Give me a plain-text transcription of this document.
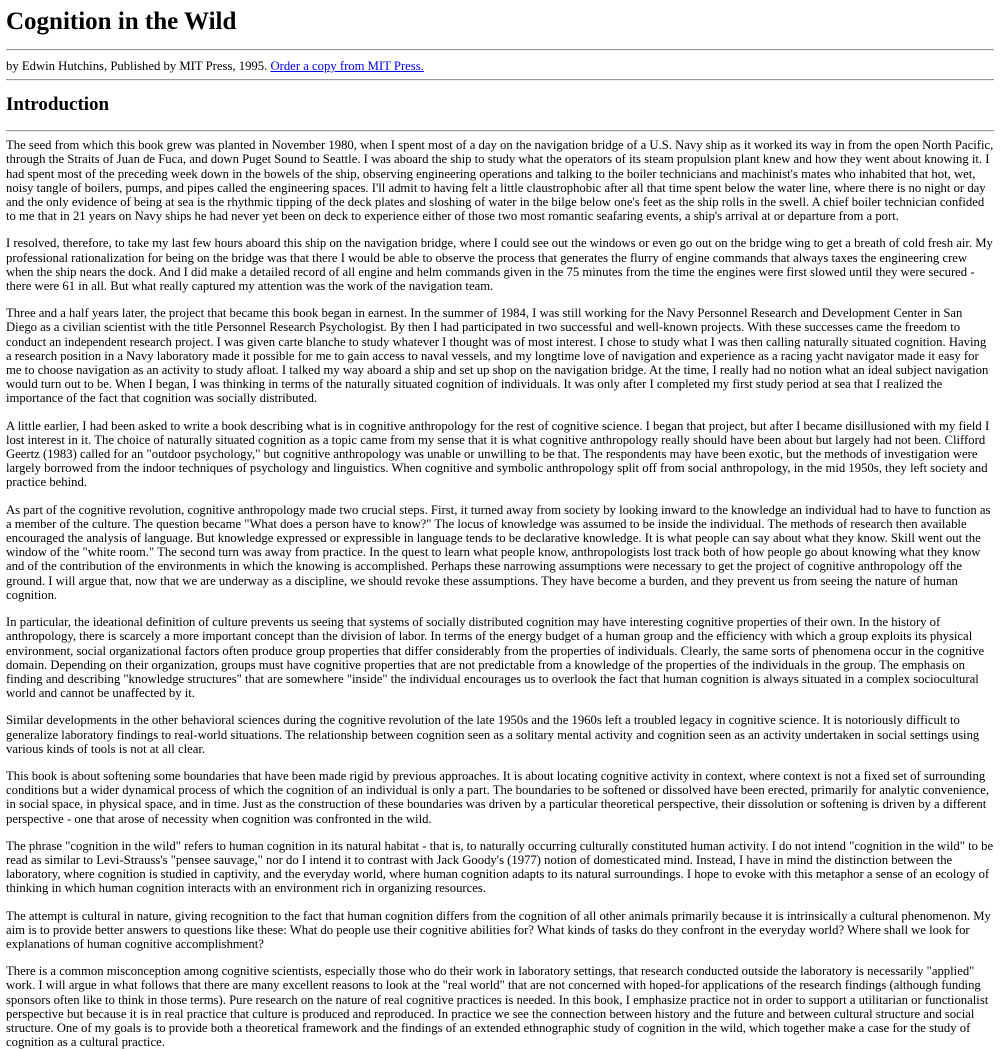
Cognition in the Wild
by Edwin Hutchins, Published by MIT Press, 1995. Order a copy from MIT Press.
Introduction

The seed from which this book grew was planted in November 1980, when I spent most of a day on the navigation bridge of a U.S. Navy ship as it worked its way in from the open North Pacific, through the Straits of Juan de Fuca, and down Puget Sound to Seattle. I was aboard the ship to study what the operators of its steam propulsion plant knew and how they went about knowing it. I had spent most of the preceding week down in the bowels of the ship, observing engineering operations and talking to the boiler technicians and machinist's mates who inhabited that hot, wet, noisy tangle of boilers, pumps, and pipes called the engineering spaces. I'll admit to having felt a little claustrophobic after all that time spent below the water line, where there is no night or day and the only evidence of being at sea is the rhythmic tipping of the deck plates and sloshing of water in the bilge below one's feet as the ship rolls in the swell. A chief boiler technician confided to me that in 21 years on Navy ships he had never yet been on deck to experience either of those two most romantic seafaring events, a ship's arrival at or departure from a port.

I resolved, therefore, to take my last few hours aboard this ship on the navigation bridge, where I could see out the windows or even go out on the bridge wing to get a breath of cold fresh air. My professional rationalization for being on the bridge was that there I would be able to observe the process that generates the flurry of engine commands that always taxes the engineering crew when the ship nears the dock. And I did make a detailed record of all engine and helm commands given in the 75 minutes from the time the engines were first slowed until they were secured - there were 61 in all. But what really captured my attention was the work of the navigation team.

Three and a half years later, the project that became this book began in earnest. In the summer of 1984, I was still working for the Navy Personnel Research and Development Center in San Diego as a civilian scientist with the title Personnel Research Psychologist. By then I had participated in two successful and well-known projects. With these successes came the freedom to conduct an independent research project. I was given carte blanche to study whatever I thought was of most interest. I chose to study what I was then calling naturally situated cognition. Having a research position in a Navy laboratory made it possible for me to gain access to naval vessels, and my longtime love of navigation and experience as a racing yacht navigator made it easy for me to choose navigation as an activity to study afloat. I talked my way aboard a ship and set up shop on the navigation bridge. At the time, I really had no notion what an ideal subject navigation would turn out to be. When I began, I was thinking in terms of the naturally situated cognition of individuals. It was only after I completed my first study period at sea that I realized the importance of the fact that cognition was socially distributed.

A little earlier, I had been asked to write a book describing what is in cognitive anthropology for the rest of cognitive science. I began that project, but after I became disillusioned with my field I lost interest in it. The choice of naturally situated cognition as a topic came from my sense that it is what cognitive anthropology really should have been about but largely had not been. Clifford Geertz (1983) called for an "outdoor psychology," but cognitive anthropology was unable or unwilling to be that. The respondents may have been exotic, but the methods of investigation were largely borrowed from the indoor techniques of psychology and linguistics. When cognitive and symbolic anthropology split off from social anthropology, in the mid 1950s, they left society and practice behind.

As part of the cognitive revolution, cognitive anthropology made two crucial steps. First, it turned away from society by looking inward to the knowledge an individual had to have to function as a member of the culture. The question became "What does a person have to know?" The locus of knowledge was assumed to be inside the individual. The methods of research then available encouraged the analysis of language. But knowledge expressed or expressible in language tends to be declarative knowledge. It is what people can say about what they know. Skill went out the window of the "white room." The second turn was away from practice. In the quest to learn what people know, anthropologists lost track both of how people go about knowing what they know and of the contribution of the environments in which the knowing is accomplished. Perhaps these narrowing assumptions were necessary to get the project of cognitive anthropology off the ground. I will argue that, now that we are underway as a discipline, we should revoke these assumptions. They have become a burden, and they prevent us from seeing the nature of human cognition.

In particular, the ideational definition of culture prevents us seeing that systems of socially distributed cognition may have interesting cognitive properties of their own. In the history of anthropology, there is scarcely a more important concept than the division of labor. In terms of the energy budget of a human group and the efficiency with which a group exploits its physical environment, social organizational factors often produce group properties that differ considerably from the properties of individuals. Clearly, the same sorts of phenomena occur in the cognitive domain. Depending on their organization, groups must have cognitive properties that are not predictable from a knowledge of the properties of the individuals in the group. The emphasis on finding and describing "knowledge structures" that are somewhere "inside" the individual encourages us to overlook the fact that human cognition is always situated in a complex sociocultural world and cannot be unaffected by it.

Similar developments in the other behavioral sciences during the cognitive revolution of the late 1950s and the 1960s left a troubled legacy in cognitive science. It is notoriously difficult to generalize laboratory findings to real-world situations. The relationship between cognition seen as a solitary mental activity and cognition seen as an activity undertaken in social settings using various kinds of tools is not at all clear.

This book is about softening some boundaries that have been made rigid by previous approaches. It is about locating cognitive activity in context, where context is not a fixed set of surrounding conditions but a wider dynamical process of which the cognition of an individual is only a part. The boundaries to be softened or dissolved have been erected, primarily for analytic convenience, in social space, in physical space, and in time. Just as the construction of these boundaries was driven by a particular theoretical perspective, their dissolution or softening is driven by a different perspective - one that arose of necessity when cognition was confronted in the wild.

The phrase "cognition in the wild" refers to human cognition in its natural habitat - that is, to naturally occurring culturally constituted human activity. I do not intend "cognition in the wild" to be read as similar to Levi-Strauss's "pensee sauvage," nor do I intend it to contrast with Jack Goody's (1977) notion of domesticated mind. Instead, I have in mind the distinction between the laboratory, where cognition is studied in captivity, and the everyday world, where human cognition adapts to its natural surroundings. I hope to evoke with this metaphor a sense of an ecology of thinking in which human cognition interacts with an environment rich in organizing resources.

The attempt is cultural in nature, giving recognition to the fact that human cognition differs from the cognition of all other animals primarily because it is intrinsically a cultural phenomenon. My aim is to provide better answers to questions like these: What do people use their cognitive abilities for? What kinds of tasks do they confront in the everyday world? Where shall we look for explanations of human cognitive accomplishment?

There is a common misconception among cognitive scientists, especially those who do their work in laboratory settings, that research conducted outside the laboratory is necessarily "applied" work. I will argue in what follows that there are many excellent reasons to look at the "real world" that are not concerned with hoped-for applications of the research findings (although funding sponsors often like to think in those terms). Pure research on the nature of real cognitive practices is needed. In this book, I emphasize practice not in order to support a utilitarian or functionalist perspective but because it is in real practice that culture is produced and reproduced. In practice we see the connection between history and the future and between cultural structure and social structure. One of my goals is to provide both a theoretical framework and the findings of an extended ethnographic study of cognition in the wild, which together make a case for the study of cognition as a cultural practice.
